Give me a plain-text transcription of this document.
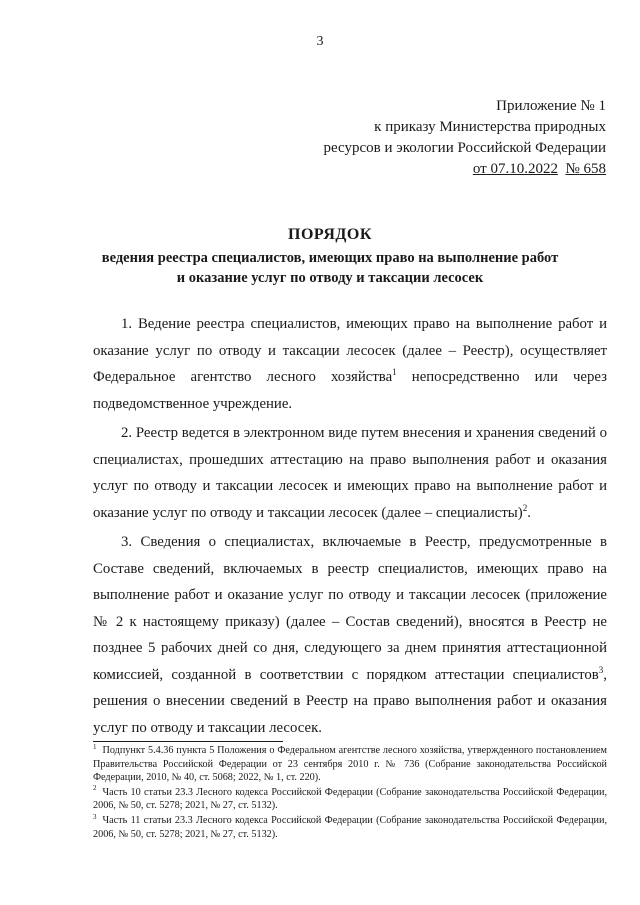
3
Приложение № 1
к приказу Министерства природных
ресурсов и экологии Российской Федерации
от 07.10.2022 № 658
ПОРЯДОК
ведения реестра специалистов, имеющих право на выполнение работ
и оказание услуг по отводу и таксации лесосек

1. Ведение реестра специалистов, имеющих право на выполнение работ и оказание услуг по отводу и таксации лесосек (далее – Реестр), осуществляет Федеральное агентство лесного хозяйства$^1$ непосредственно или через подведомственное учреждение.

2. Реестр ведется в электронном виде путем внесения и хранения сведений о специалистах, прошедших аттестацию на право выполнения работ и оказания услуг по отводу и таксации лесосек и имеющих право на выполнение работ и оказание услуг по отводу и таксации лесосек (далее – специалисты)$^2$.

3. Сведения о специалистах, включаемые в Реестр, предусмотренные в Составе сведений, включаемых в реестр специалистов, имеющих право на выполнение работ и оказание услуг по отводу и таксации лесосек (приложение № 2 к настоящему приказу) (далее – Состав сведений), вносятся в Реестр не позднее 5 рабочих дней со дня, следующего за днем принятия аттестационной комиссией, созданной в соответствии с порядком аттестации специалистов$^3$, решения о внесении сведений в Реестр на право выполнения работ и оказания услуг по отводу и таксации лесосек.

$^1$ Подпункт 5.4.36 пункта 5 Положения о Федеральном агентстве лесного хозяйства, утвержденного постановлением Правительства Российской Федерации от 23 сентября 2010 г. № 736 (Собрание законодательства Российской Федерации, 2010, № 40, ст. 5068; 2022, № 1, ст. 220).
$^2$ Часть 10 статьи 23.3 Лесного кодекса Российской Федерации (Собрание законодательства Российской Федерации, 2006, № 50, ст. 5278; 2021, № 27, ст. 5132).
$^3$ Часть 11 статьи 23.3 Лесного кодекса Российской Федерации (Собрание законодательства Российской Федерации, 2006, № 50, ст. 5278; 2021, № 27, ст. 5132).
